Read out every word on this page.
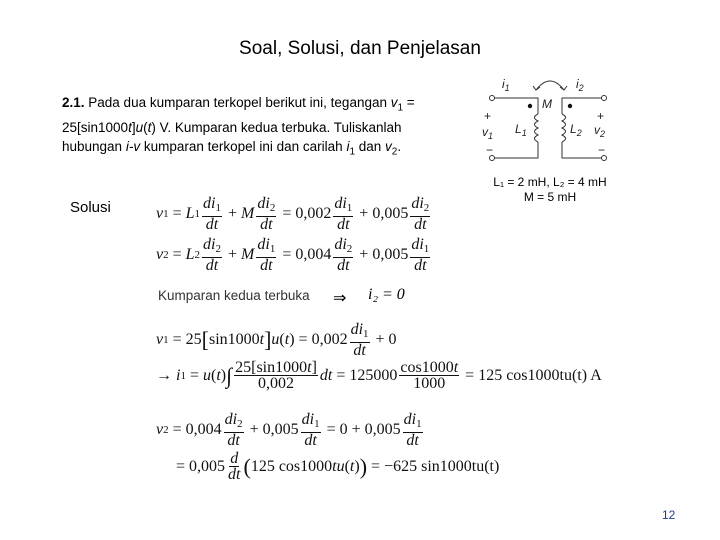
Soal, Solusi, dan Penjelasan
2.1. Pada dua kumparan terkopel berikut ini, tegangan $v_1 = 25[\sin 1000t]u(t)$ V. Kumparan kedua terbuka. Tuliskanlah hubungan i-v kumparan terkopel ini dan carilah $i_1$ dan $v_2$.
$i_1$	$i_2$
M
$L_1$	$L_2$
+	+
$v_1$	$v_2$
−	−
L₁ = 2 mH, L₂ = 4 mH
M = 5 mH
Solusi	v 1 = L $1 \frac{di_1}{dt} + M \frac{di_2}{dt} = 0,002 \frac{di_1}{dt} + 0,005 \frac{di_2}{dt}$
v 2 = L $2 \frac{di_2}{dt} + M \frac{di_1}{dt} = 0,004 \frac{di_2}{dt} + 0,005 \frac{di_1}{dt}$
Kumparan kedua terbuka ⇒ i₂ = 0
v 1 = 25 [ sin1000 t ] u ( t ) = $0,002 \frac{di_1}{dt} + 0$
→ i 1 = u ( t ) ∫ $\frac{25[\sin 1000t]}{0,002}$ dt = $125000 \frac{\cos 1000t}{1000} = 125$ cos1000tu(t) A
v $2 = 0,004 \frac{di_2}{dt} + 0,005 \frac{di_1}{dt} = 0 + 0,005 \frac{di_1}{dt}$
= $0,005 \frac{d}{dt}$ ( 125 cos1000 tu ( t ) ) = −625 sin1000tu(t)
12
